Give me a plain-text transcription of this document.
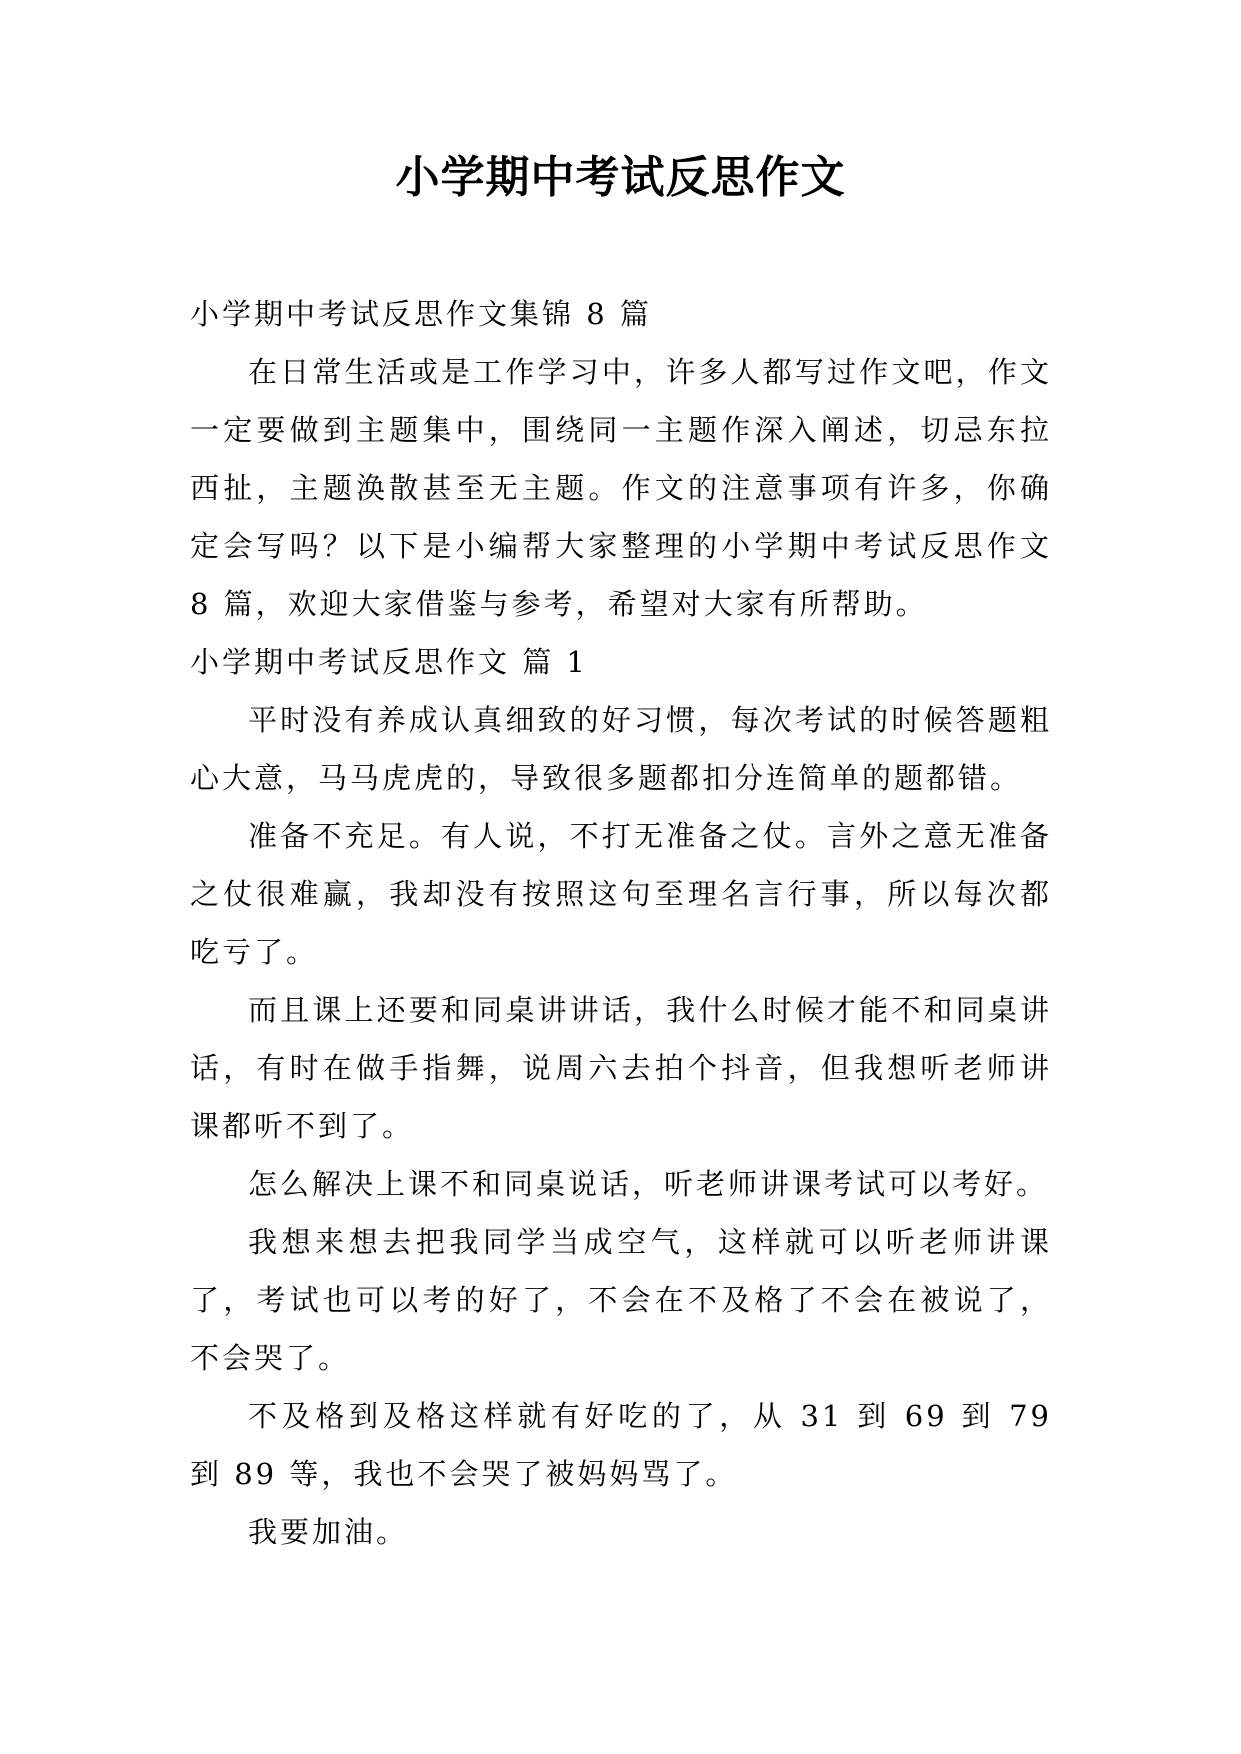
小学期中考试反思作文
小学期中考试反思作文集锦 8 篇

在日常生活或是工作学习中，许多人都写过作文吧，作文一定要做到主题集中，围绕同一主题作深入阐述，切忌东拉西扯，主题涣散甚至无主题。作文的注意事项有许多，你确定会写吗？以下是小编帮大家整理的小学期中考试反思作文 8 篇，欢迎大家借鉴与参考，希望对大家有所帮助。

小学期中考试反思作文 篇 1

平时没有养成认真细致的好习惯，每次考试的时候答题粗心大意，马马虎虎的，导致很多题都扣分连简单的题都错。

准备不充足。有人说，不打无准备之仗。言外之意无准备之仗很难赢，我却没有按照这句至理名言行事，所以每次都吃亏了。

而且课上还要和同桌讲讲话，我什么时候才能不和同桌讲话，有时在做手指舞，说周六去拍个抖音，但我想听老师讲课都听不到了。

怎么解决上课不和同桌说话，听老师讲课考试可以考好。

我想来想去把我同学当成空气，这样就可以听老师讲课了，考试也可以考的好了，不会在不及格了不会在被说了，不会哭了。

不及格到及格这样就有好吃的了，从 31 到 69 到 79 到 89 等，我也不会哭了被妈妈骂了。

我要加油。
